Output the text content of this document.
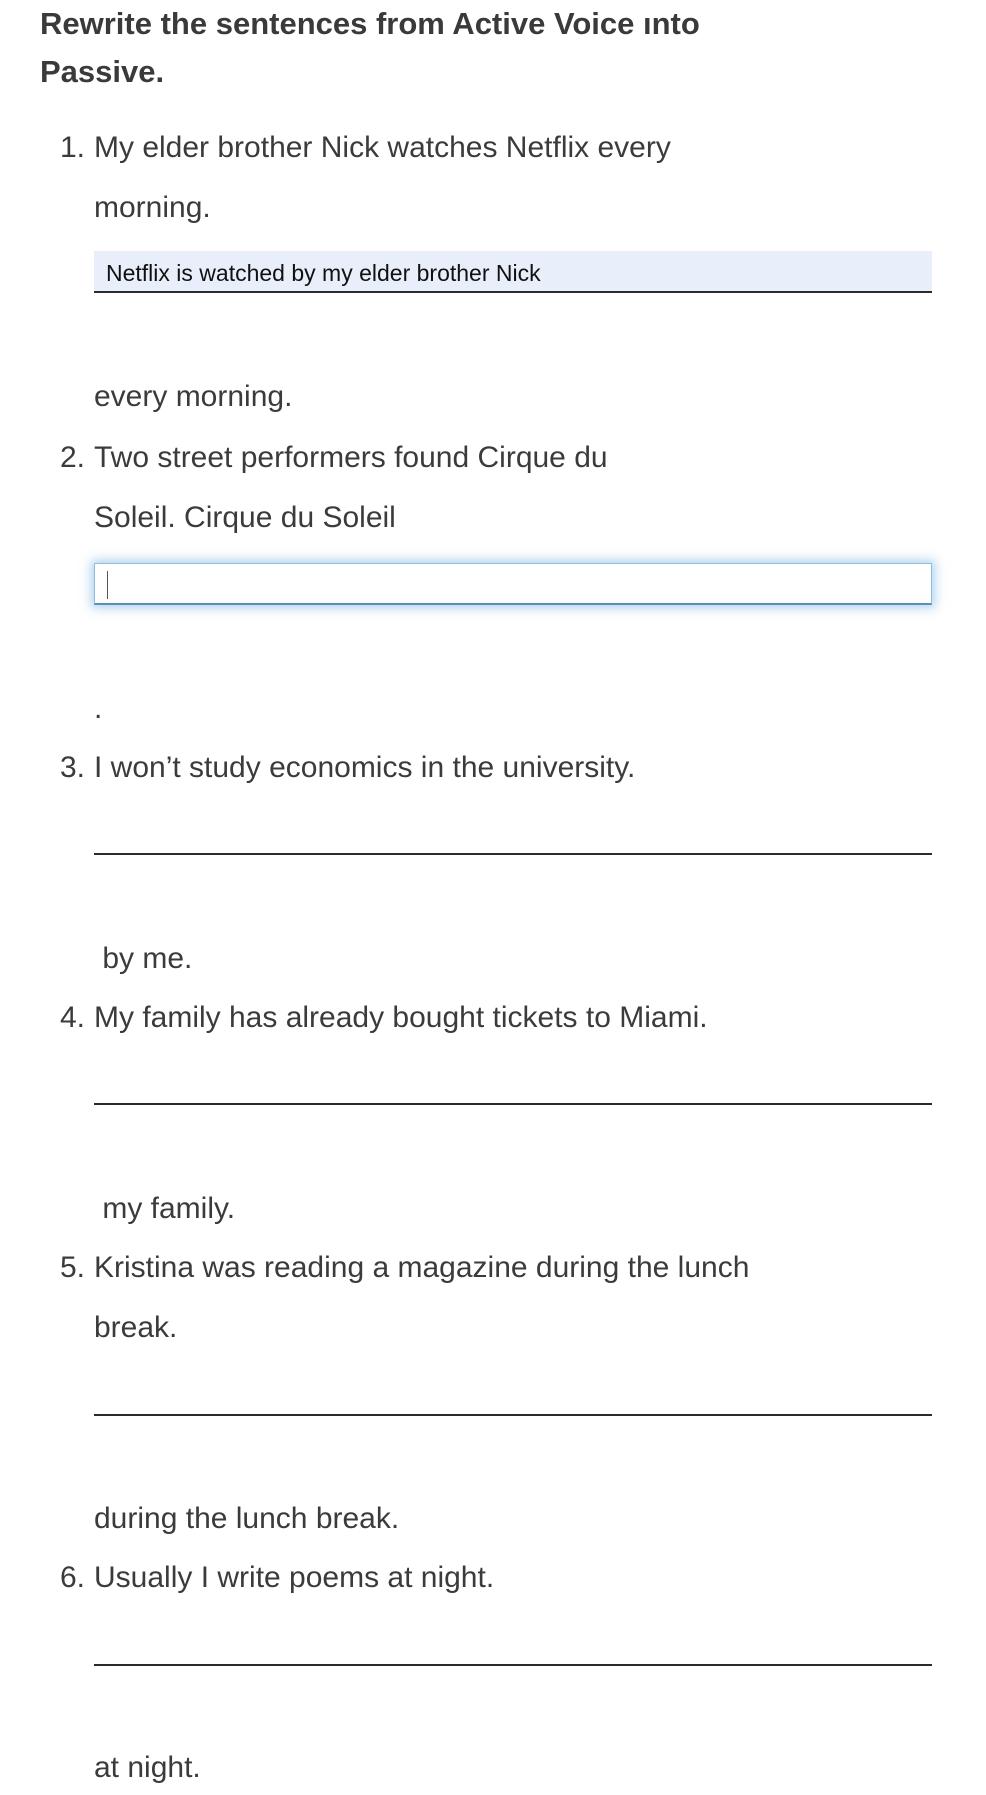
Rewrite the sentences from Active Voice ınto Passive.
1. My elder brother Nick watches Netflix every
morning.
Netflix is watched by my elder brother Nick
every morning.
2. Two street performers found Cirque du
Soleil. Cirque du Soleil
.
3. I won’t study economics in the university.
by me.
4. My family has already bought tickets to Miami.
my family.
5. Kristina was reading a magazine during the lunch
break.
during the lunch break.
6. Usually I write poems at night.
at night.
